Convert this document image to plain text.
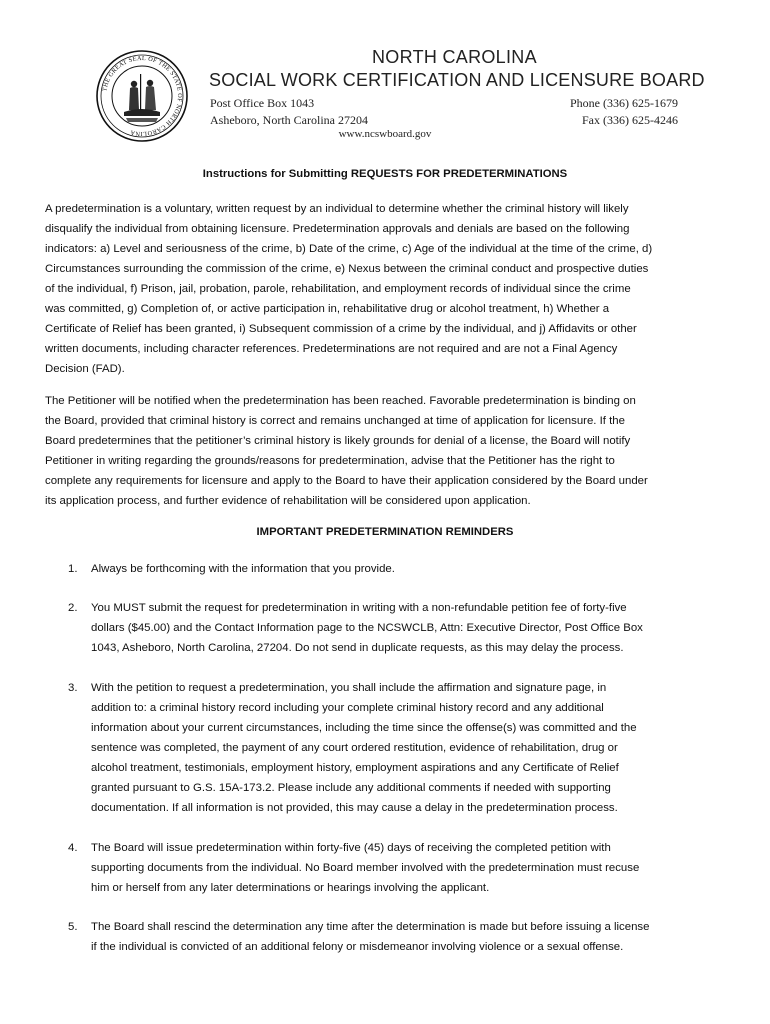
THE GREAT SEAL OF THE STATE OF NORTH CAROLINA
NORTH CAROLINA
SOCIAL WORK CERTIFICATION AND LICENSURE BOARD
Post Office Box 1043
Asheboro, North Carolina 27204
Phone (336) 625-1679
Fax (336) 625-4246
www.ncswboard.gov
Instructions for Submitting REQUESTS FOR PREDETERMINATIONS
A predetermination is a voluntary, written request by an individual to determine whether the criminal history will likely
disqualify the individual from obtaining licensure. Predetermination approvals and denials are based on the following
indicators: a) Level and seriousness of the crime, b) Date of the crime, c) Age of the individual at the time of the crime, d)
Circumstances surrounding the commission of the crime, e) Nexus between the criminal conduct and prospective duties
of the individual, f) Prison, jail, probation, parole, rehabilitation, and employment records of individual since the crime
was committed, g) Completion of, or active participation in, rehabilitative drug or alcohol treatment, h) Whether a
Certificate of Relief has been granted, i) Subsequent commission of a crime by the individual, and j) Affidavits or other
written documents, including character references. Predeterminations are not required and are not a Final Agency
Decision (FAD).
The Petitioner will be notified when the predetermination has been reached. Favorable predetermination is binding on
the Board, provided that criminal history is correct and remains unchanged at time of application for licensure. If the
Board predetermines that the petitioner’s criminal history is likely grounds for denial of a license, the Board will notify
Petitioner in writing regarding the grounds/reasons for predetermination, advise that the Petitioner has the right to
complete any requirements for licensure and apply to the Board to have their application considered by the Board under
its application process, and further evidence of rehabilitation will be considered upon application.
IMPORTANT PREDETERMINATION REMINDERS
1.	Always be forthcoming with the information that you provide.
2.	You MUST submit the request for predetermination in writing with a non-refundable petition fee of forty-five
dollars ($45.00) and the Contact Information page to the NCSWCLB, Attn: Executive Director, Post Office Box
1043, Asheboro, North Carolina, 27204. Do not send in duplicate requests, as this may delay the process.
3.	With the petition to request a predetermination, you shall include the affirmation and signature page, in
addition to: a criminal history record including your complete criminal history record and any additional
information about your current circumstances, including the time since the offense(s) was committed and the
sentence was completed, the payment of any court ordered restitution, evidence of rehabilitation, drug or
alcohol treatment, testimonials, employment history, employment aspirations and any Certificate of Relief
granted pursuant to G.S. 15A-173.2. Please include any additional comments if needed with supporting
documentation. If all information is not provided, this may cause a delay in the predetermination process.
4.	The Board will issue predetermination within forty-five (45) days of receiving the completed petition with
supporting documents from the individual. No Board member involved with the predetermination must recuse
him or herself from any later determinations or hearings involving the applicant.
5.	The Board shall rescind the determination any time after the determination is made but before issuing a license
if the individual is convicted of an additional felony or misdemeanor involving violence or a sexual offense.
